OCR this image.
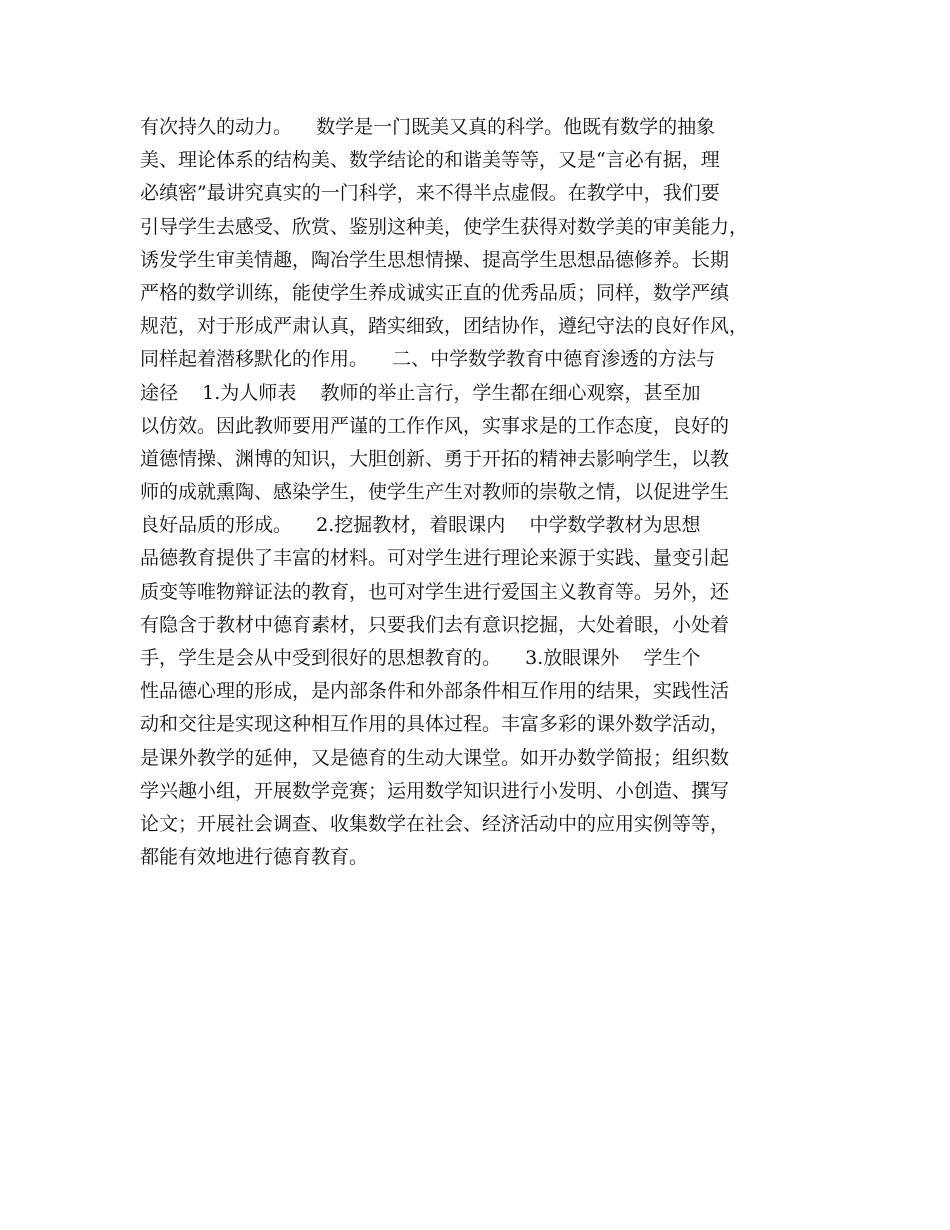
有次持久的动力。    数学是一门既美又真的科学。他既有数学的抽象
美、理论体系的结构美、数学结论的和谐美等等，又是“言必有据，理
必缜密”最讲究真实的一门科学，来不得半点虚假。在教学中，我们要
引导学生去感受、欣赏、鉴别这种美，使学生获得对数学美的审美能力，
诱发学生审美情趣，陶冶学生思想情操、提高学生思想品德修养。长期
严格的数学训练，能使学生养成诚实正直的优秀品质；同样，数学严缜
规范，对于形成严肃认真，踏实细致，团结协作，遵纪守法的良好作风，
同样起着潜移默化的作用。    二、中学数学教育中德育渗透的方法与
途径    1.为人师表    教师的举止言行，学生都在细心观察，甚至加
以仿效。因此教师要用严谨的工作作风，实事求是的工作态度，良好的
道德情操、渊博的知识，大胆创新、勇于开拓的精神去影响学生，以教
师的成就熏陶、感染学生，使学生产生对教师的崇敬之情，以促进学生
良好品质的形成。    2.挖掘教材，着眼课内    中学数学教材为思想
品德教育提供了丰富的材料。可对学生进行理论来源于实践、量变引起
质变等唯物辩证法的教育，也可对学生进行爱国主义教育等。另外，还
有隐含于教材中德育素材，只要我们去有意识挖掘，大处着眼，小处着
手，学生是会从中受到很好的思想教育的。    3.放眼课外    学生个
性品德心理的形成，是内部条件和外部条件相互作用的结果，实践性活
动和交往是实现这种相互作用的具体过程。丰富多彩的课外数学活动，
是课外教学的延伸，又是德育的生动大课堂。如开办数学简报；组织数
学兴趣小组，开展数学竞赛；运用数学知识进行小发明、小创造、撰写
论文；开展社会调查、收集数学在社会、经济活动中的应用实例等等，
都能有效地进行德育教育。
